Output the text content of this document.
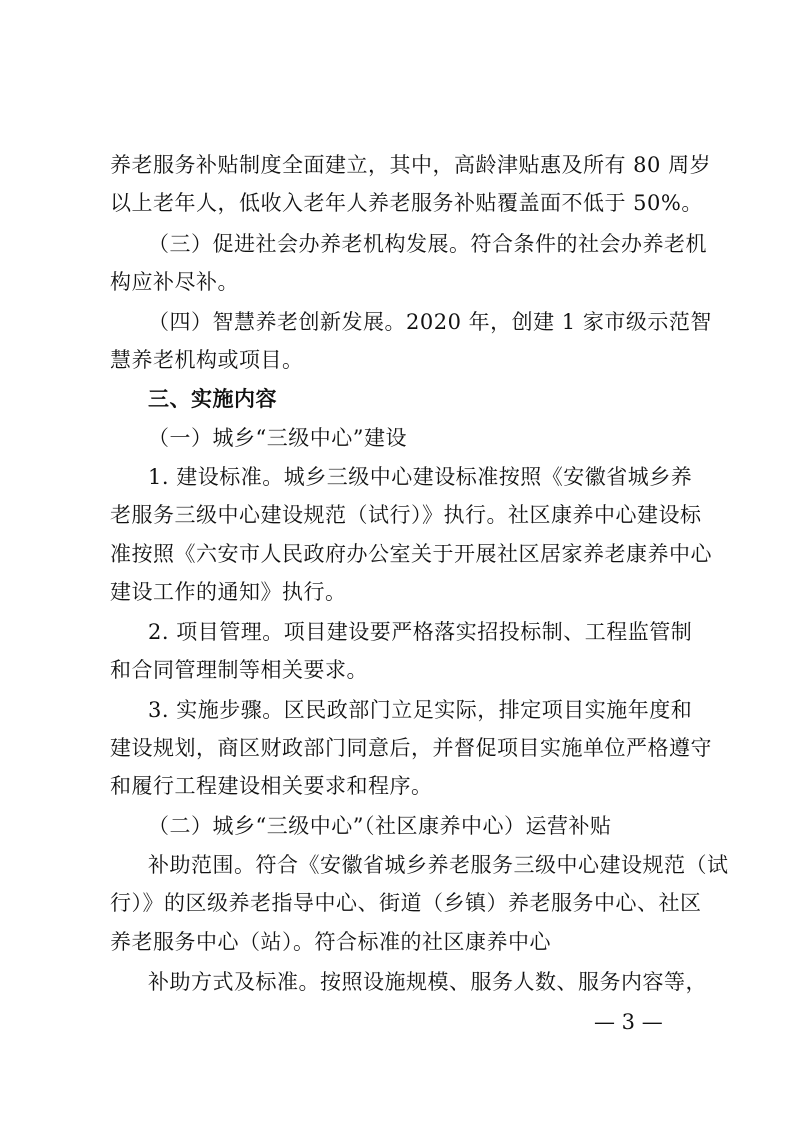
养老服务补贴制度全面建立，其中，高龄津贴惠及所有 80 周岁
以上老年人，低收入老年人养老服务补贴覆盖面不低于 50%。
（三）促进社会办养老机构发展。符合条件的社会办养老机
构应补尽补。
（四）智慧养老创新发展。2020 年，创建 1 家市级示范智
慧养老机构或项目。
三、实施内容
（一）城乡“三级中心”建设
1. 建设标准。城乡三级中心建设标准按照《安徽省城乡养
老服务三级中心建设规范（试行）》执行。社区康养中心建设标
准按照《六安市人民政府办公室关于开展社区居家养老康养中心
建设工作的通知》执行。
2. 项目管理。项目建设要严格落实招投标制、工程监管制
和合同管理制等相关要求。
3. 实施步骤。区民政部门立足实际，排定项目实施年度和
建设规划，商区财政部门同意后，并督促项目实施单位严格遵守
和履行工程建设相关要求和程序。
（二）城乡“三级中心”（社区康养中心）运营补贴
补助范围。符合《安徽省城乡养老服务三级中心建设规范（试
行）》的区级养老指导中心、街道（乡镇）养老服务中心、社区
养老服务中心（站）。符合标准的社区康养中心
补助方式及标准。按照设施规模、服务人数、服务内容等，
— 3 —
